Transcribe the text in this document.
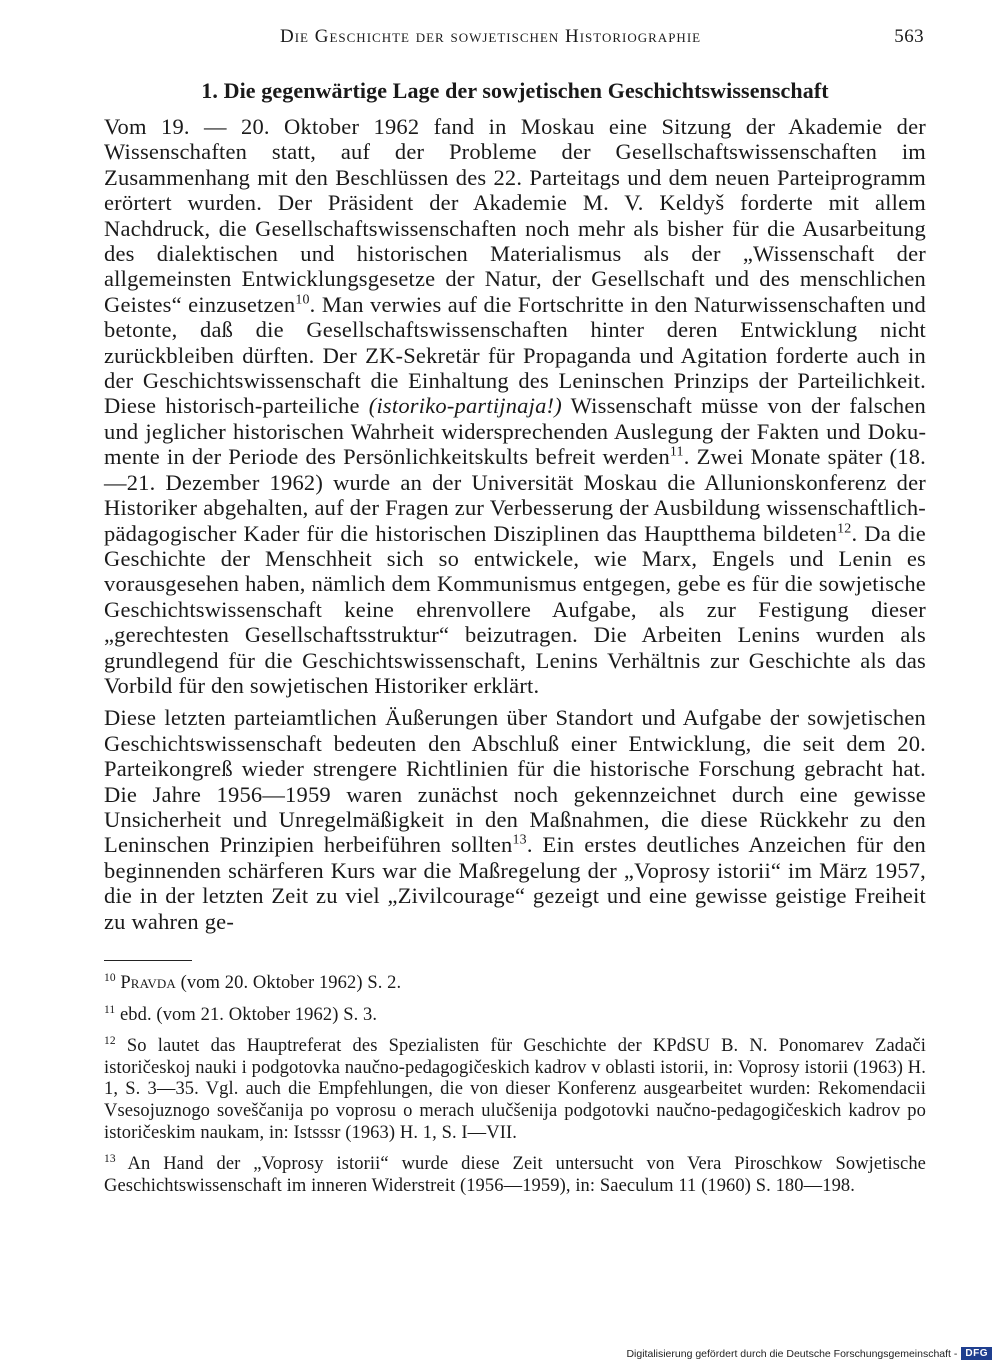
Die Geschichte der sowjetischen Historiographie	563
1. Die gegenwärtige Lage der sowjetischen Geschichtswissenschaft

Vom 19. — 20. Oktober 1962 fand in Moskau eine Sitzung der Akademie der Wissenschaften statt, auf der Probleme der Gesellschaftswissenschaften im Zusammenhang mit den Beschlüssen des 22. Parteitags und dem neuen Parteiprogramm erörtert wurden. Der Präsident der Akademie M. V. Keldyš forderte mit allem Nachdruck, die Gesellschaftswissenschaften noch mehr als bisher für die Ausarbeitung des dialektischen und historischen Materialismus als der „Wissenschaft der allgemeinsten Entwicklungsgesetze der Natur, der Gesellschaft und des menschlichen Geistes“ einzusetzen$^{10}$. Man verwies auf die Fortschritte in den Naturwissenschaften und betonte, daß die Gesellschaftswissenschaften hinter deren Entwicklung nicht zurückbleiben dürften. Der ZK-Sekretär für Propaganda und Agitation forderte auch in der Geschichtswissenschaft die Einhaltung des Leninschen Prinzips der Parteilichkeit. Diese historisch-parteiliche (istoriko-partijnaja!) Wissenschaft müsse von der falschen und jeglicher historischen Wahrheit widersprechenden Auslegung der Fakten und Dokumente in der Periode des Persönlichkeitskults befreit werden$^{11}$. Zwei Monate später (18.—21. Dezember 1962) wurde an der Universität Moskau die Allunionskonferenz der Historiker abgehalten, auf der Fragen zur Verbesserung der Ausbildung wissenschaftlich-pädagogischer Kader für die historischen Disziplinen das Hauptthema bildeten$^{12}$. Da die Geschichte der Menschheit sich so entwickele, wie Marx, Engels und Lenin es vorausgesehen haben, nämlich dem Kommunismus entgegen, gebe es für die sowjetische Geschichtswissenschaft keine ehrenvollere Aufgabe, als zur Festigung dieser „gerechtesten Gesellschaftsstruktur“ beizutragen. Die Arbeiten Lenins wurden als grundlegend für die Geschichtswissenschaft, Lenins Verhältnis zur Geschichte als das Vorbild für den sowjetischen Historiker erklärt.

Diese letzten parteiamtlichen Äußerungen über Standort und Aufgabe der sowjetischen Geschichtswissenschaft bedeuten den Abschluß einer Entwicklung, die seit dem 20. Parteikongreß wieder strengere Richtlinien für die historische Forschung gebracht hat. Die Jahre 1956—1959 waren zunächst noch gekennzeichnet durch eine gewisse Unsicherheit und Unregelmäßigkeit in den Maßnahmen, die diese Rückkehr zu den Leninschen Prinzipien herbeiführen sollten$^{13}$. Ein erstes deutliches Anzeichen für den beginnenden schärferen Kurs war die Maßregelung der „Voprosy istorii“ im März 1957, die in der letzten Zeit zu viel „Zivilcourage“ gezeigt und eine gewisse geistige Freiheit zu wahren ge-

$^{10}$ Pravda (vom 20. Oktober 1962) S. 2.

$^{11}$ ebd. (vom 21. Oktober 1962) S. 3.

$^{12}$ So lautet das Hauptreferat des Spezialisten für Geschichte der KPdSU B. N. Ponomarev Zadači istoričeskoj nauki i podgotovka naučno-pedagogičeskich kadrov v oblasti istorii, in: Voprosy istorii (1963) H. 1, S. 3—35. Vgl. auch die Empfehlungen, die von dieser Konferenz ausgearbeitet wurden: Rekomendacii Vsesojuznogo soveščanija po voprosu o merach ulučšenija podgotovki naučno-pedagogičeskich kadrov po istoričeskim naukam, in: Istsssr (1963) H. 1, S. I—VII.

$^{13}$ An Hand der „Voprosy istorii“ wurde diese Zeit untersucht von Vera Piroschkow Sowjetische Geschichtswissenschaft im inneren Widerstreit (1956—1959), in: Saeculum 11 (1960) S. 180—198.

Digitalisierung gefördert durch die Deutsche Forschungsgemeinschaft - DFG
